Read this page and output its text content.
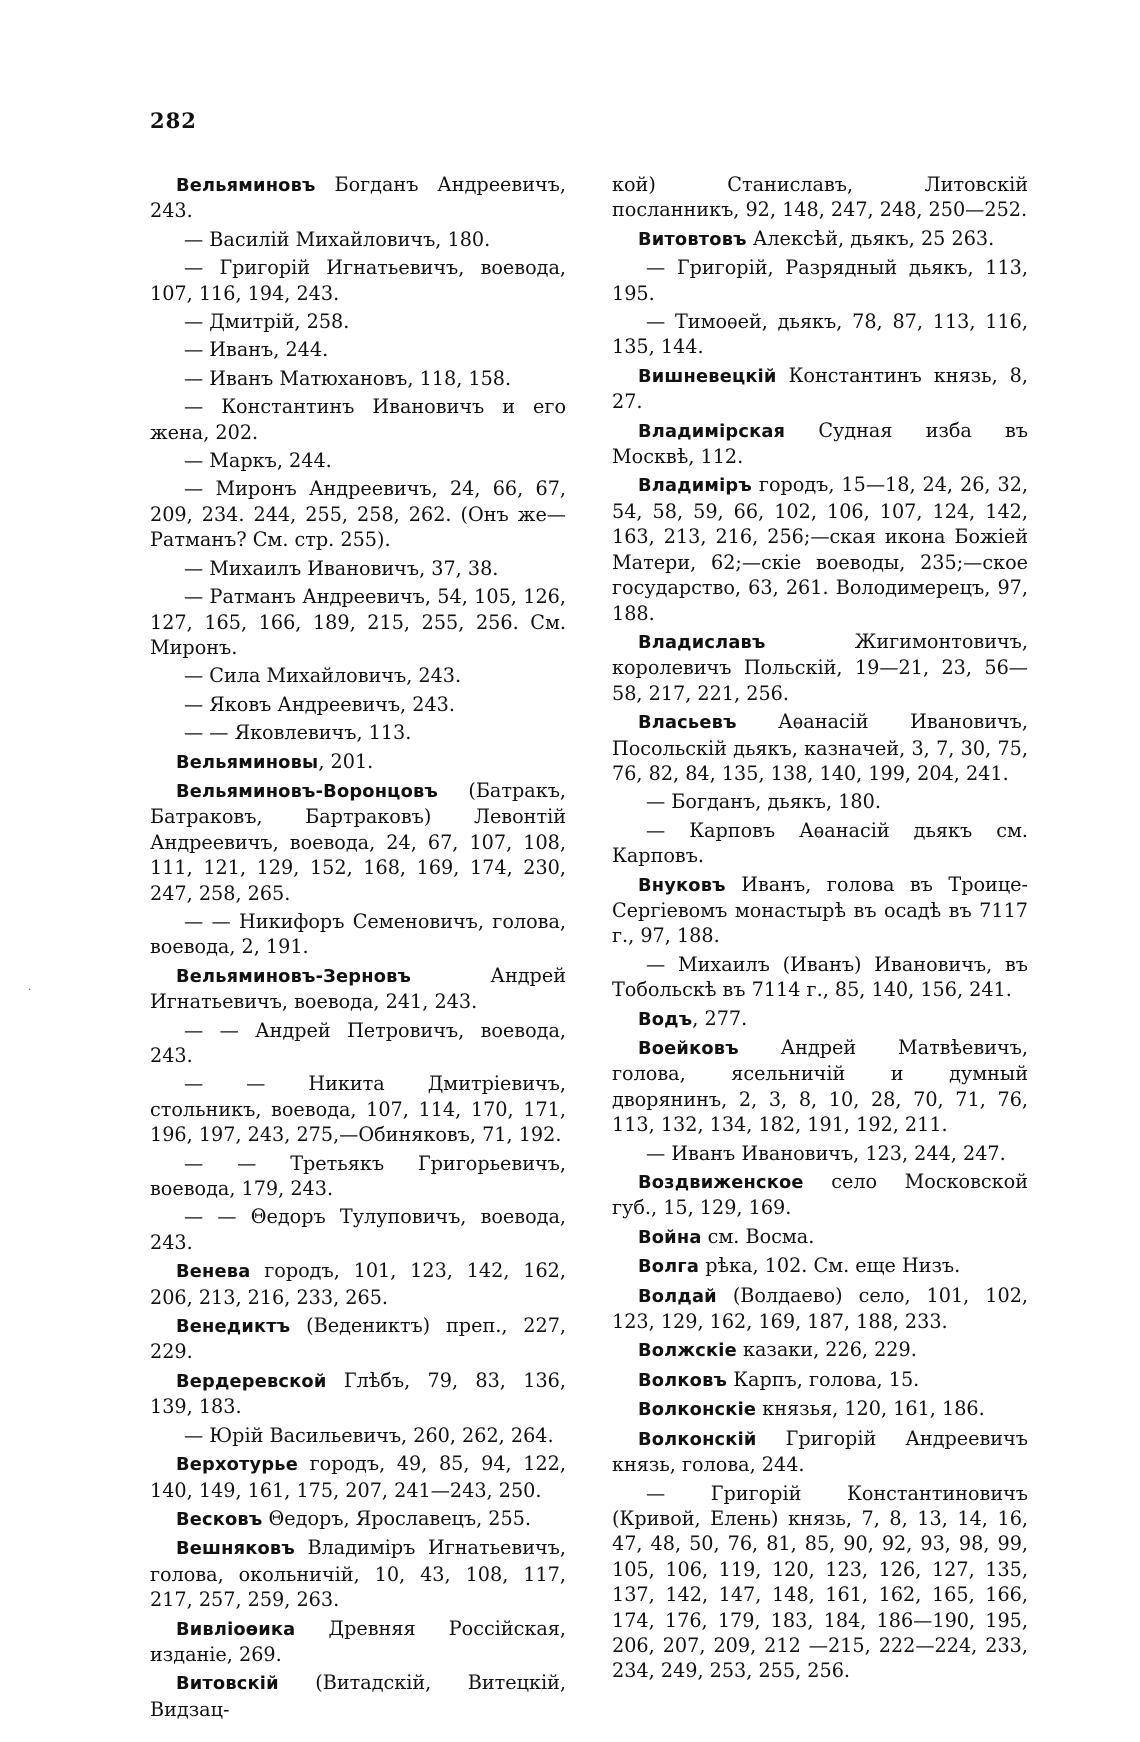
282
·

Вельяминовъ Богданъ Андреевичъ, 243.

— Василій Михайловичъ, 180.

— Григорій Игнатьевичъ, воевода, 107, 116, 194, 243.

— Дмитрій, 258.

— Иванъ, 244.

— Иванъ Матюхановъ, 118, 158.

— Константинъ Ивановичъ и его жена, 202.

— Маркъ, 244.

— Миронъ Андреевичъ, 24, 66, 67, 209, 234. 244, 255, 258, 262. (Онъ же—Ратманъ? См. стр. 255).

— Михаилъ Ивановичъ, 37, 38.

— Ратманъ Андреевичъ, 54, 105, 126, 127, 165, 166, 189, 215, 255, 256. См. Миронъ.

— Сила Михайловичъ, 243.

— Яковъ Андреевичъ, 243.

— — Яковлевичъ, 113.

Вельяминовы, 201.

Вельяминовъ-Воронцовъ (Батракъ, Батраковъ, Бартраковъ) Левонтій Андреевичъ, воевода, 24, 67, 107, 108, 111, 121, 129, 152, 168, 169, 174, 230, 247, 258, 265.

— — Никифоръ Семеновичъ, голова, воевода, 2, 191.

Вельяминовъ-Зерновъ Андрей Игнатьевичъ, воевода, 241, 243.

— — Андрей Петровичъ, воевода, 243.

— — Никита Дмитріевичъ, стольникъ, воевода, 107, 114, 170, 171, 196, 197, 243, 275,—Обиняковъ, 71, 192.

— — Третьякъ Григорьевичъ, воевода, 179, 243.

— — Θедоръ Тулуповичъ, воевода, 243.

Венева городъ, 101, 123, 142, 162, 206, 213, 216, 233, 265.

Венедиктъ (Ведениктъ) преп., 227, 229.

Вердеревской Глѣбъ, 79, 83, 136, 139, 183.

— Юрій Васильевичъ, 260, 262, 264.

Верхотурье городъ, 49, 85, 94, 122, 140, 149, 161, 175, 207, 241—243, 250.

Весковъ Θедоръ, Ярославецъ, 255.

Вешняковъ Владиміръ Игнатьевичъ, голова, окольничій, 10, 43, 108, 117, 217, 257, 259, 263.

Вивліоѳика Древняя Россійская, изданіе, 269.

Витовскій (Витадскій, Витецкій, Видзац-

кой) Станиславъ, Литовскій посланникъ, 92, 148, 247, 248, 250—252.

Витовтовъ Алексѣй, дьякъ, 25 263.

— Григорій, Разрядный дьякъ, 113, 195.

— Тимоѳей, дьякъ, 78, 87, 113, 116, 135, 144.

Вишневецкій Константинъ князь, 8, 27.

Владимірская Судная изба въ Москвѣ, 112.

Владиміръ городъ, 15—18, 24, 26, 32, 54, 58, 59, 66, 102, 106, 107, 124, 142, 163, 213, 216, 256;—ская икона Божіей Матери, 62;—скіе воеводы, 235;—ское государство, 63, 261. Володимерецъ, 97, 188.

Владиславъ Жигимонтовичъ, королевичъ Польскій, 19—21, 23, 56—58, 217, 221, 256.

Власьевъ Аѳанасій Ивановичъ, Посольскій дьякъ, казначей, 3, 7, 30, 75, 76, 82, 84, 135, 138, 140, 199, 204, 241.

— Богданъ, дьякъ, 180.

— Карповъ Аѳанасій дьякъ см. Карповъ.

Внуковъ Иванъ, голова въ Троице-Сергіевомъ монастырѣ въ осадѣ въ 7117 г., 97, 188.

— Михаилъ (Иванъ) Ивановичъ, въ Тобольскѣ въ 7114 г., 85, 140, 156, 241.

Водъ, 277.

Воейковъ Андрей Матвѣевичъ, голова, ясельничій и думный дворянинъ, 2, 3, 8, 10, 28, 70, 71, 76, 113, 132, 134, 182, 191, 192, 211.

— Иванъ Ивановичъ, 123, 244, 247.

Воздвиженское село Московской губ., 15, 129, 169.

Война см. Восма.

Волга рѣка, 102. См. еще Низъ.

Волдай (Волдаево) село, 101, 102, 123, 129, 162, 169, 187, 188, 233.

Волжскіе казаки, 226, 229.

Волковъ Карпъ, голова, 15.

Волконскіе князья, 120, 161, 186.

Волконскій Григорій Андреевичъ князь, голова, 244.

— Григорій Константиновичъ (Кривой, Елень) князь, 7, 8, 13, 14, 16, 47, 48, 50, 76, 81, 85, 90, 92, 93, 98, 99, 105, 106, 119, 120, 123, 126, 127, 135, 137, 142, 147, 148, 161, 162, 165, 166, 174, 176, 179, 183, 184, 186—190, 195, 206, 207, 209, 212 —215, 222—224, 233, 234, 249, 253, 255, 256.
